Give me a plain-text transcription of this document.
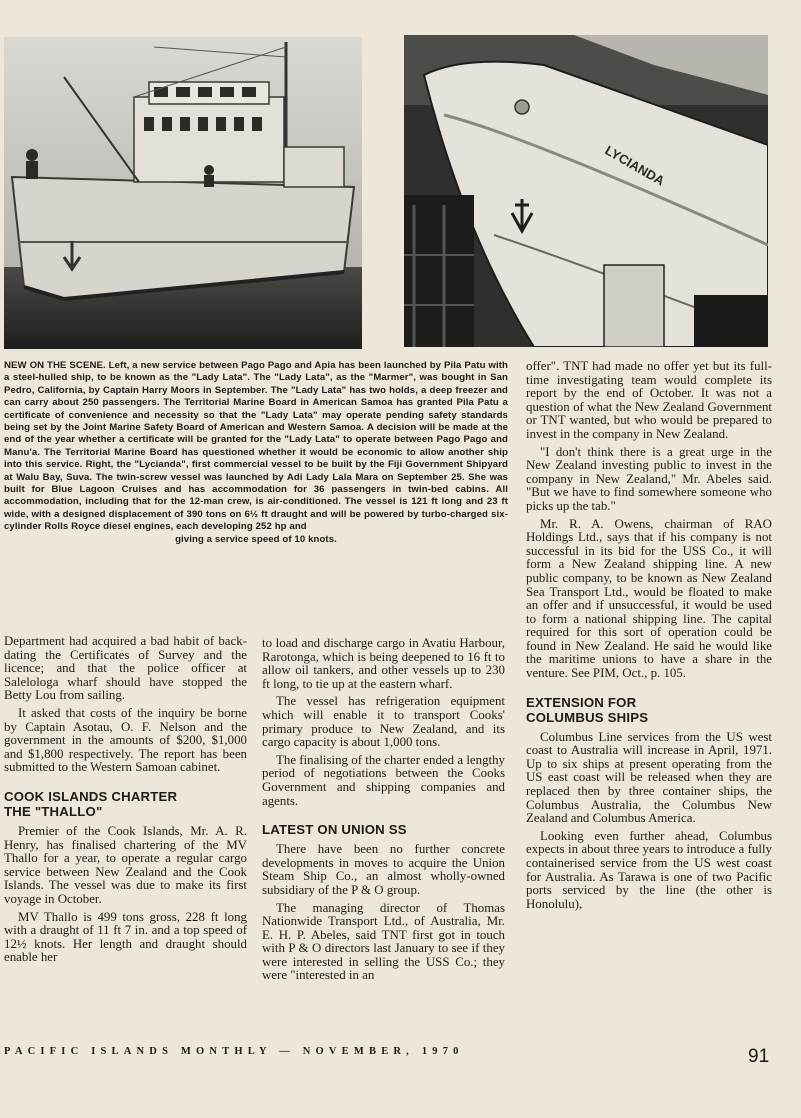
LYCIANDA
NEW ON THE SCENE. Left, a new service between Pago Pago and Apia has been launched by Pila Patu with a steel-hulled ship, to be known as the "Lady Lata". The "Lady Lata", as the "Marmer", was bought in San Pedro, California, by Captain Harry Moors in September. The "Lady Lata" has two holds, a deep freezer and can carry about 250 passengers. The Territorial Marine Board in American Samoa has granted Pila Patu a certificate of convenience and necessity so that the "Lady Lata" may operate pending safety standards being set by the Joint Marine Safety Board of American and Western Samoa. A decision will be made at the end of the year whether a certificate will be granted for the "Lady Lata" to operate between Pago Pago and Manu'a. The Territorial Marine Board has questioned whether it would be economic to allow another ship into this service. Right, the "Lycianda", first commercial vessel to be built by the Fiji Government Shipyard at Walu Bay, Suva. The twin-screw vessel was launched by Adi Lady Lala Mara on September 25. She was built for Blue Lagoon Cruises and has accommodation for 36 passengers in twin-bed cabins. All accommodation, including that for the 12-man crew, is air-conditioned. The vessel is 121 ft long and 23 ft wide, with a designed displacement of 390 tons on 6½ ft draught and will be powered by turbo-charged six-cylinder Rolls Royce diesel engines, each developing 252 hp and
giving a service speed of 10 knots.

Department had acquired a bad habit of back-dating the Certificates of Survey and the licence; and that the police officer at Salelologa wharf should have stopped the Betty Lou from sailing.

It asked that costs of the inquiry be borne by Captain Asotau, O. F. Nelson and the government in the amounts of $200, $1,000 and $1,800 respectively. The report has been submitted to the Western Samoan cabinet.

COOK ISLANDS CHARTER
THE "THALLO"

Premier of the Cook Islands, Mr. A. R. Henry, has finalised chartering of the MV Thallo for a year, to operate a regular cargo service between New Zealand and the Cook Islands. The vessel was due to make its first voyage in October.

MV Thallo is 499 tons gross, 228 ft long with a draught of 11 ft 7 in. and a top speed of 12½ knots. Her length and draught should enable her

to load and discharge cargo in Avatiu Harbour, Rarotonga, which is being deepened to 16 ft to allow oil tankers, and other vessels up to 230 ft long, to tie up at the eastern wharf.

The vessel has refrigeration equipment which will enable it to transport Cooks' primary produce to New Zealand, and its cargo capacity is about 1,000 tons.

The finalising of the charter ended a lengthy period of negotiations between the Cooks Government and shipping companies and agents.

LATEST ON UNION SS

There have been no further concrete developments in moves to acquire the Union Steam Ship Co., an almost wholly-owned subsidiary of the P & O group.

The managing director of Thomas Nationwide Transport Ltd., of Australia, Mr. E. H. P. Abeles, said TNT first got in touch with P & O directors last January to see if they were interested in selling the USS Co.; they were "interested in an

offer". TNT had made no offer yet but its full-time investigating team would complete its report by the end of October. It was not a question of what the New Zealand Government or TNT wanted, but who would be prepared to invest in the company in New Zealand.

"I don't think there is a great urge in the New Zealand investing public to invest in the company in New Zealand," Mr. Abeles said. "But we have to find somewhere someone who picks up the tab."

Mr. R. A. Owens, chairman of RAO Holdings Ltd., says that if his company is not successful in its bid for the USS Co., it will form a New Zealand shipping line. A new public company, to be known as New Zealand Sea Transport Ltd., would be floated to make an offer and if unsuccessful, it would be used to form a national shipping line. The capital required for this sort of operation could be found in New Zealand. He said he would like the maritime unions to have a share in the venture. See PIM, Oct., p. 105.

EXTENSION FOR
COLUMBUS SHIPS

Columbus Line services from the US west coast to Australia will increase in April, 1971. Up to six ships at present operating from the US east coast will be released when they are replaced then by three container ships, the Columbus Australia, the Columbus New Zealand and Columbus America.

Looking even further ahead, Columbus expects in about three years to introduce a fully containerised service from the US west coast for Australia. As Tarawa is one of two Pacific ports serviced by the line (the other is Honolulu),

PACIFIC ISLANDS MONTHLY — NOVEMBER, 1970	91
